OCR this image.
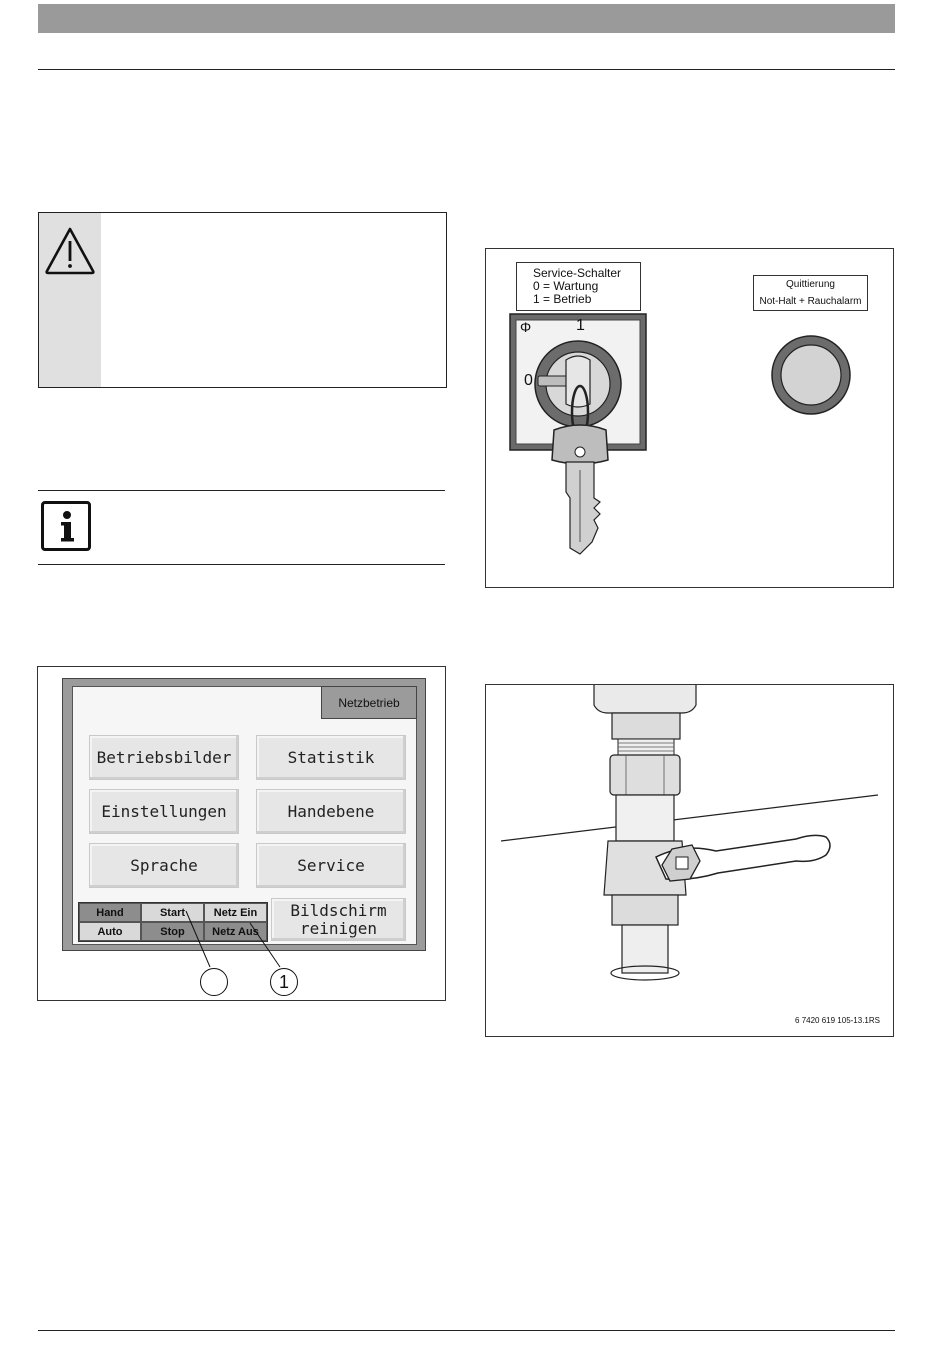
Netzbetrieb
Betriebsbilder	Statistik
Einstellungen	Handebene
Sprache	Service
Bildschirm
reinigen
Hand	Start	Netz Ein
Auto	Stop	Netz Aus
1
Service-Schalter
0 = Wartung
1 = Betrieb
Φ	1
0
Quittierung
Not-Halt + Rauchalarm
6 7420 619 105-13.1RS
